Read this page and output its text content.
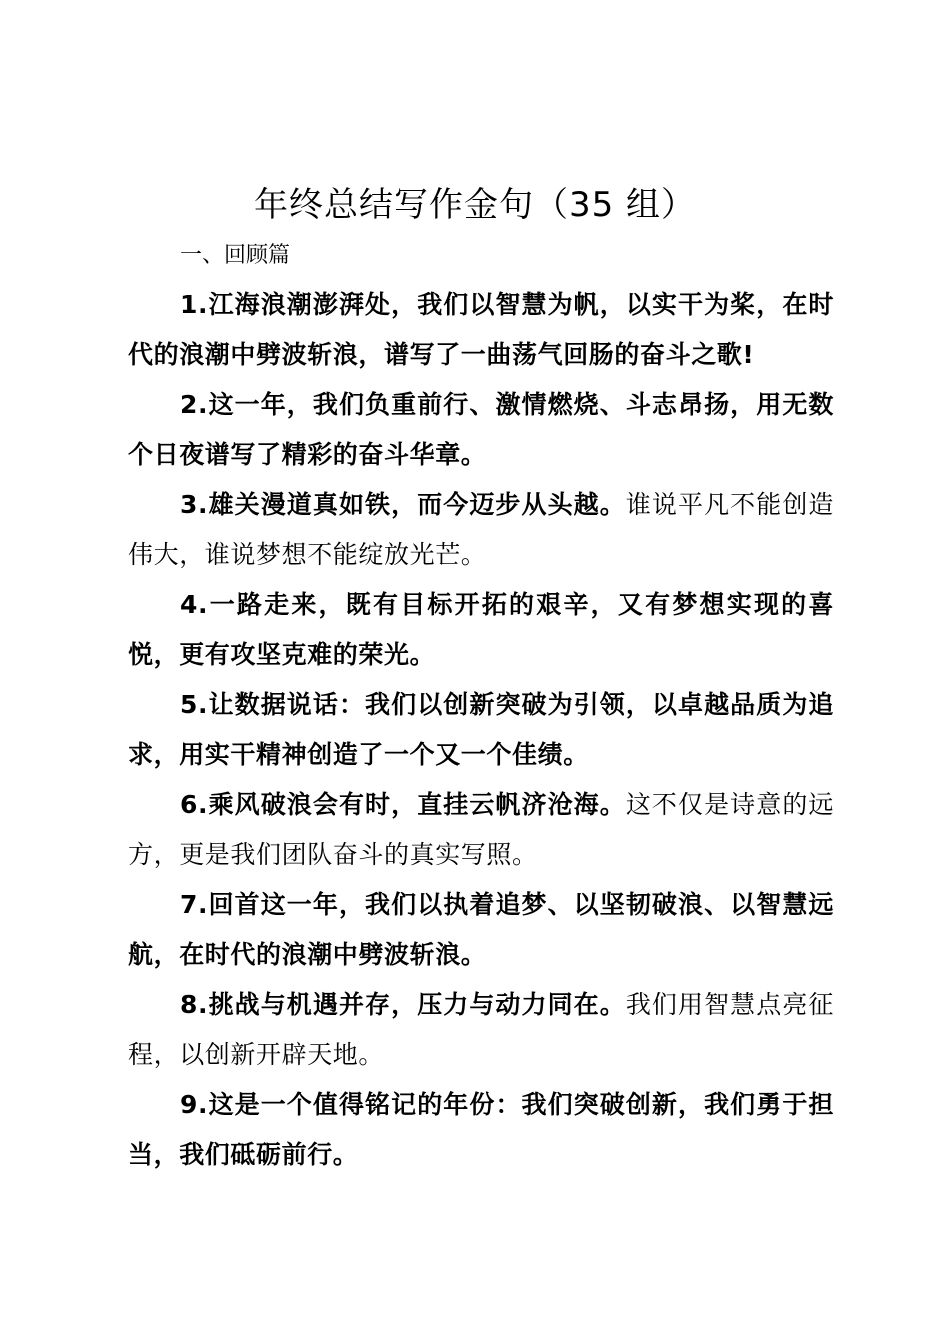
年终总结写作金句（35 组）

一、回顾篇

1.江海浪潮澎湃处，我们以智慧为帆，以实干为桨，在时代的浪潮中劈波斩浪，谱写了一曲荡气回肠的奋斗之歌!

2.这一年，我们负重前行、激情燃烧、斗志昂扬，用无数个日夜谱写了精彩的奋斗华章。

3.雄关漫道真如铁，而今迈步从头越。谁说平凡不能创造伟大，谁说梦想不能绽放光芒。

4.一路走来，既有目标开拓的艰辛，又有梦想实现的喜悦，更有攻坚克难的荣光。

5.让数据说话：我们以创新突破为引领，以卓越品质为追求，用实干精神创造了一个又一个佳绩。

6.乘风破浪会有时，直挂云帆济沧海。这不仅是诗意的远方，更是我们团队奋斗的真实写照。

7.回首这一年，我们以执着追梦、以坚韧破浪、以智慧远航，在时代的浪潮中劈波斩浪。

8.挑战与机遇并存，压力与动力同在。我们用智慧点亮征程，以创新开辟天地。

9.这是一个值得铭记的年份：我们突破创新，我们勇于担当，我们砥砺前行。
